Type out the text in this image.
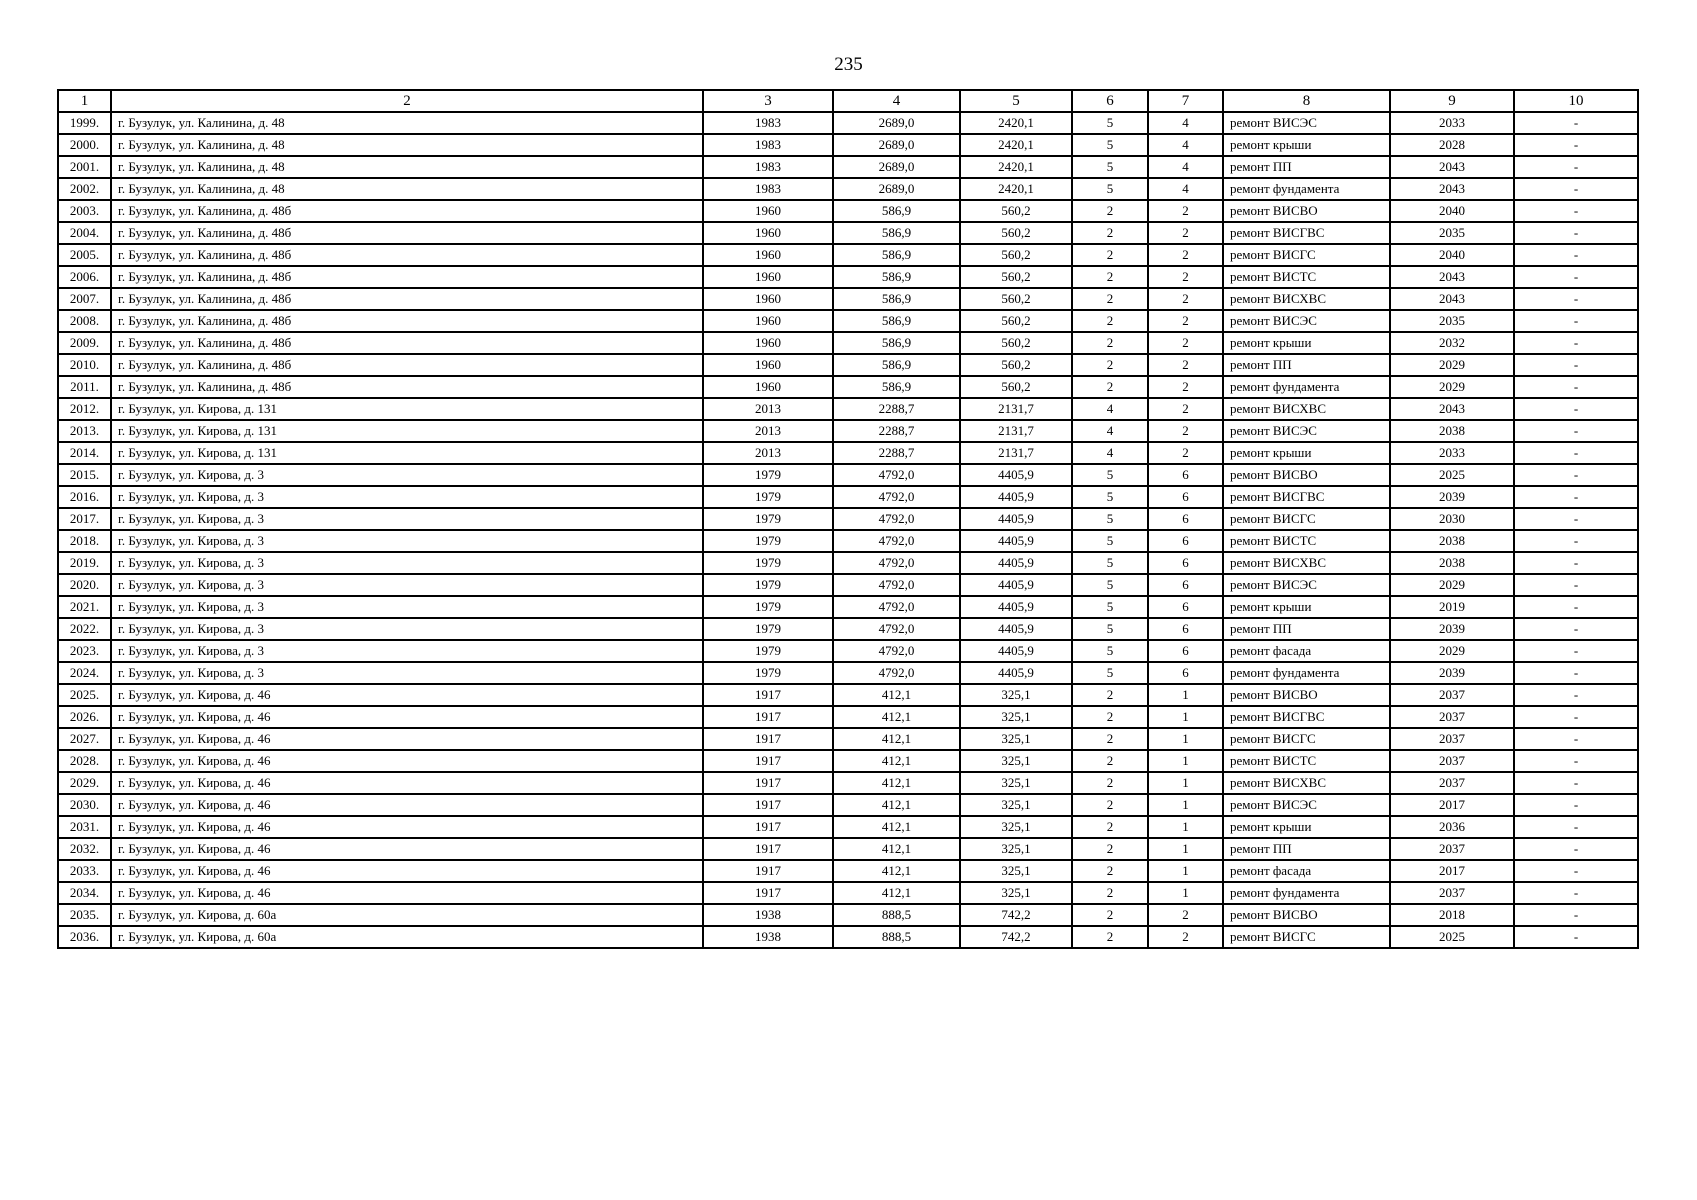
235
1	2	3	4	5	6	7	8	9	10
1999.	г. Бузулук, ул. Калинина, д. 48	1983	2689,0	2420,1	5	4	ремонт ВИСЭС	2033	-
2000.	г. Бузулук, ул. Калинина, д. 48	1983	2689,0	2420,1	5	4	ремонт крыши	2028	-
2001.	г. Бузулук, ул. Калинина, д. 48	1983	2689,0	2420,1	5	4	ремонт ПП	2043	-
2002.	г. Бузулук, ул. Калинина, д. 48	1983	2689,0	2420,1	5	4	ремонт фундамента	2043	-
2003.	г. Бузулук, ул. Калинина, д. 48б	1960	586,9	560,2	2	2	ремонт ВИСВО	2040	-
2004.	г. Бузулук, ул. Калинина, д. 48б	1960	586,9	560,2	2	2	ремонт ВИСГВС	2035	-
2005.	г. Бузулук, ул. Калинина, д. 48б	1960	586,9	560,2	2	2	ремонт ВИСГС	2040	-
2006.	г. Бузулук, ул. Калинина, д. 48б	1960	586,9	560,2	2	2	ремонт ВИСТС	2043	-
2007.	г. Бузулук, ул. Калинина, д. 48б	1960	586,9	560,2	2	2	ремонт ВИСХВС	2043	-
2008.	г. Бузулук, ул. Калинина, д. 48б	1960	586,9	560,2	2	2	ремонт ВИСЭС	2035	-
2009.	г. Бузулук, ул. Калинина, д. 48б	1960	586,9	560,2	2	2	ремонт крыши	2032	-
2010.	г. Бузулук, ул. Калинина, д. 48б	1960	586,9	560,2	2	2	ремонт ПП	2029	-
2011.	г. Бузулук, ул. Калинина, д. 48б	1960	586,9	560,2	2	2	ремонт фундамента	2029	-
2012.	г. Бузулук, ул. Кирова, д. 131	2013	2288,7	2131,7	4	2	ремонт ВИСХВС	2043	-
2013.	г. Бузулук, ул. Кирова, д. 131	2013	2288,7	2131,7	4	2	ремонт ВИСЭС	2038	-
2014.	г. Бузулук, ул. Кирова, д. 131	2013	2288,7	2131,7	4	2	ремонт крыши	2033	-
2015.	г. Бузулук, ул. Кирова, д. 3	1979	4792,0	4405,9	5	6	ремонт ВИСВО	2025	-
2016.	г. Бузулук, ул. Кирова, д. 3	1979	4792,0	4405,9	5	6	ремонт ВИСГВС	2039	-
2017.	г. Бузулук, ул. Кирова, д. 3	1979	4792,0	4405,9	5	6	ремонт ВИСГС	2030	-
2018.	г. Бузулук, ул. Кирова, д. 3	1979	4792,0	4405,9	5	6	ремонт ВИСТС	2038	-
2019.	г. Бузулук, ул. Кирова, д. 3	1979	4792,0	4405,9	5	6	ремонт ВИСХВС	2038	-
2020.	г. Бузулук, ул. Кирова, д. 3	1979	4792,0	4405,9	5	6	ремонт ВИСЭС	2029	-
2021.	г. Бузулук, ул. Кирова, д. 3	1979	4792,0	4405,9	5	6	ремонт крыши	2019	-
2022.	г. Бузулук, ул. Кирова, д. 3	1979	4792,0	4405,9	5	6	ремонт ПП	2039	-
2023.	г. Бузулук, ул. Кирова, д. 3	1979	4792,0	4405,9	5	6	ремонт фасада	2029	-
2024.	г. Бузулук, ул. Кирова, д. 3	1979	4792,0	4405,9	5	6	ремонт фундамента	2039	-
2025.	г. Бузулук, ул. Кирова, д. 46	1917	412,1	325,1	2	1	ремонт ВИСВО	2037	-
2026.	г. Бузулук, ул. Кирова, д. 46	1917	412,1	325,1	2	1	ремонт ВИСГВС	2037	-
2027.	г. Бузулук, ул. Кирова, д. 46	1917	412,1	325,1	2	1	ремонт ВИСГС	2037	-
2028.	г. Бузулук, ул. Кирова, д. 46	1917	412,1	325,1	2	1	ремонт ВИСТС	2037	-
2029.	г. Бузулук, ул. Кирова, д. 46	1917	412,1	325,1	2	1	ремонт ВИСХВС	2037	-
2030.	г. Бузулук, ул. Кирова, д. 46	1917	412,1	325,1	2	1	ремонт ВИСЭС	2017	-
2031.	г. Бузулук, ул. Кирова, д. 46	1917	412,1	325,1	2	1	ремонт крыши	2036	-
2032.	г. Бузулук, ул. Кирова, д. 46	1917	412,1	325,1	2	1	ремонт ПП	2037	-
2033.	г. Бузулук, ул. Кирова, д. 46	1917	412,1	325,1	2	1	ремонт фасада	2017	-
2034.	г. Бузулук, ул. Кирова, д. 46	1917	412,1	325,1	2	1	ремонт фундамента	2037	-
2035.	г. Бузулук, ул. Кирова, д. 60а	1938	888,5	742,2	2	2	ремонт ВИСВО	2018	-
2036.	г. Бузулук, ул. Кирова, д. 60а	1938	888,5	742,2	2	2	ремонт ВИСГС	2025	-
